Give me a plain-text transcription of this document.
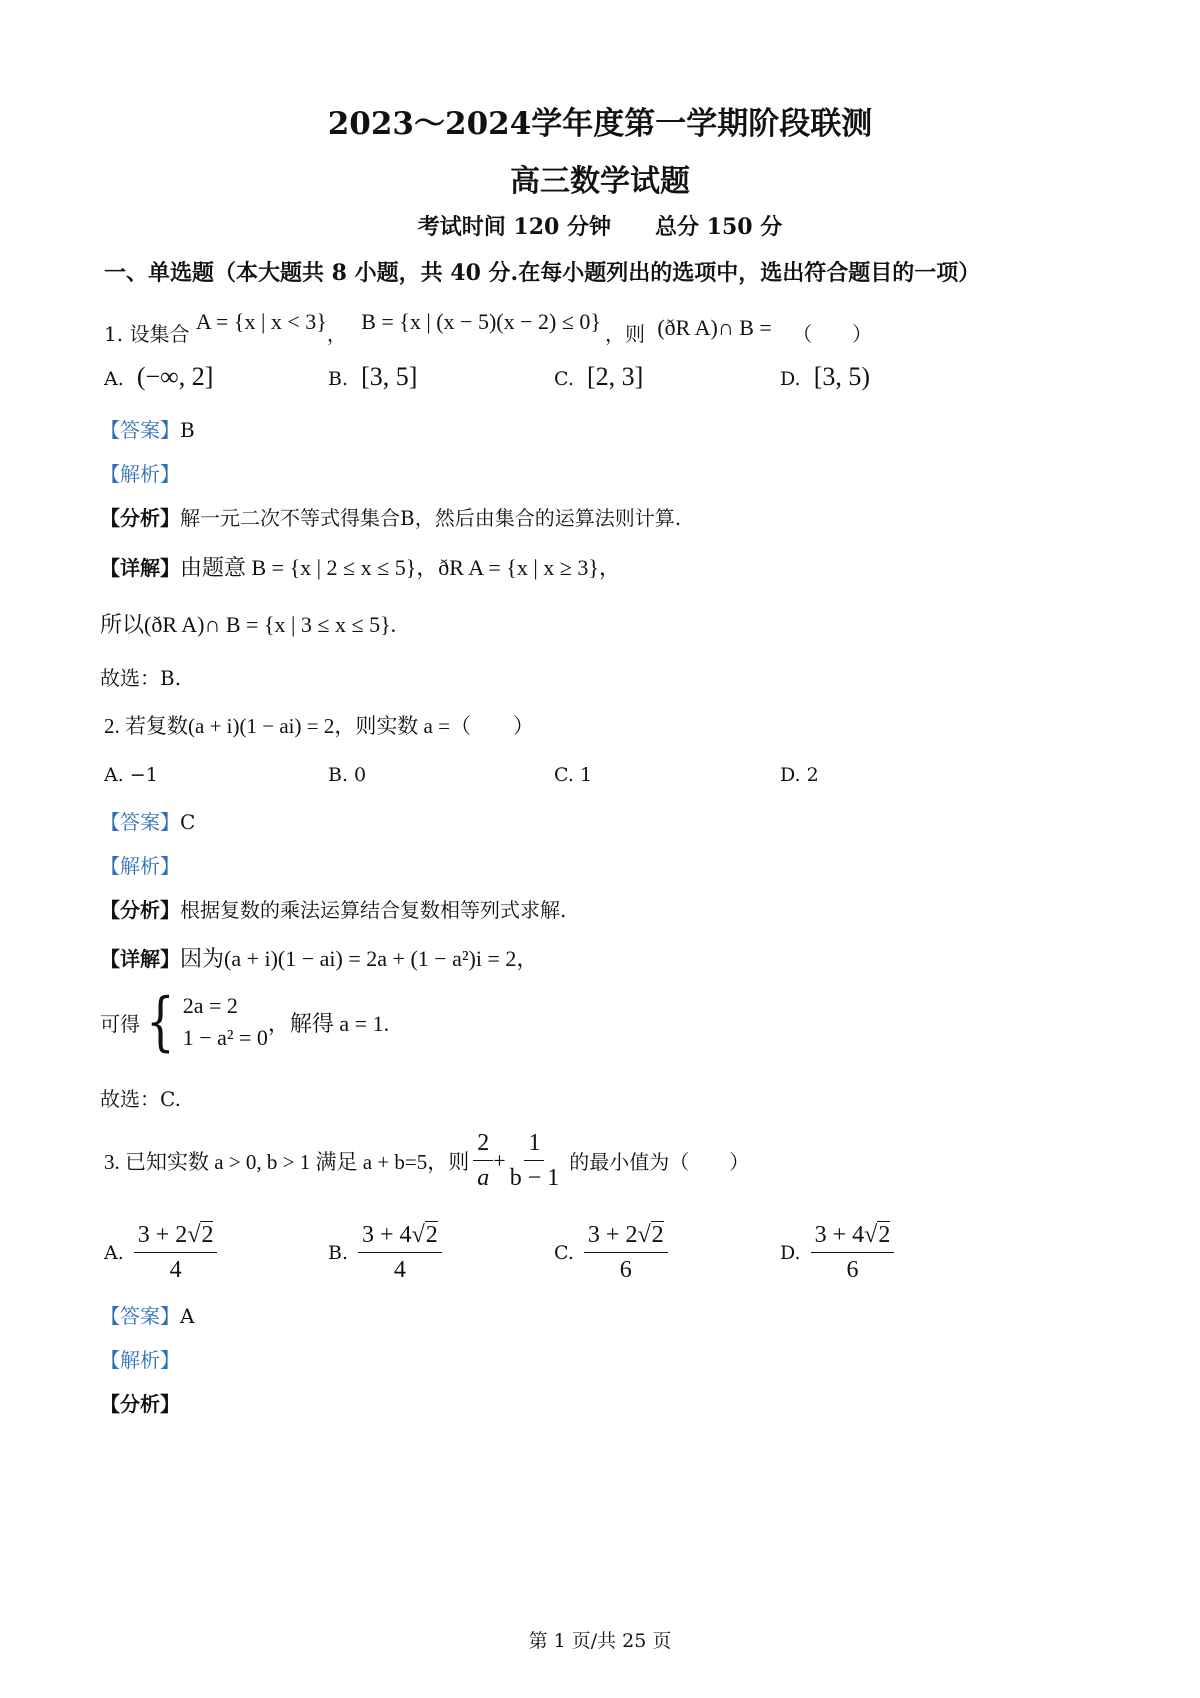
2023～2024学年度第一学期阶段联测
高三数学试题
考试时间 120 分钟　　总分 150 分
一、单选题（本大题共 8 小题，共 40 分.在每小题列出的选项中，选出符合题目的一项）
1. 设集合 A = {x | x < 3}， B = {x | (x − 5)(x − 2) ≤ 0} ，则 (ðR A)∩ B = （　　）
A. (−∞, 2]	B. [3, 5]	C. [2, 3]	D. [3, 5)
【答案】B
【解析】
【分析】解一元二次不等式得集合B，然后由集合的运算法则计算.
【详解】由题意 B = {x | 2 ≤ x ≤ 5}，ðR A = {x | x ≥ 3}，
所以(ðR A)∩ B = {x | 3 ≤ x ≤ 5}.
故选：B.
2. 若复数(a + i)(1 − ai) = 2，则实数 a =（　　）
A. −1	B. 0	C. 1	D. 2
【答案】C
【解析】
【分析】根据复数的乘法运算结合复数相等列式求解.
【详解】因为(a + i)(1 − ai) = 2a + (1 − a²)i = 2，
可得 { 2a = 2
1 − a² = 0
，解得 a = 1.
故选：C.
3. 已知实数 a > 0, b > 1 满足 a + b=5，则 $\frac{2}{a} + \frac{1}{b - 1}$ 的最小值为（　　）
A. $\frac{3 + 2√2}{4}$	B. $\frac{3 + 4√2}{4}$	C. $\frac{3 + 2√2}{6}$	D. $\frac{3 + 4√2}{6}$
【答案】A
【解析】
【分析】
第 1 页/共 25 页
